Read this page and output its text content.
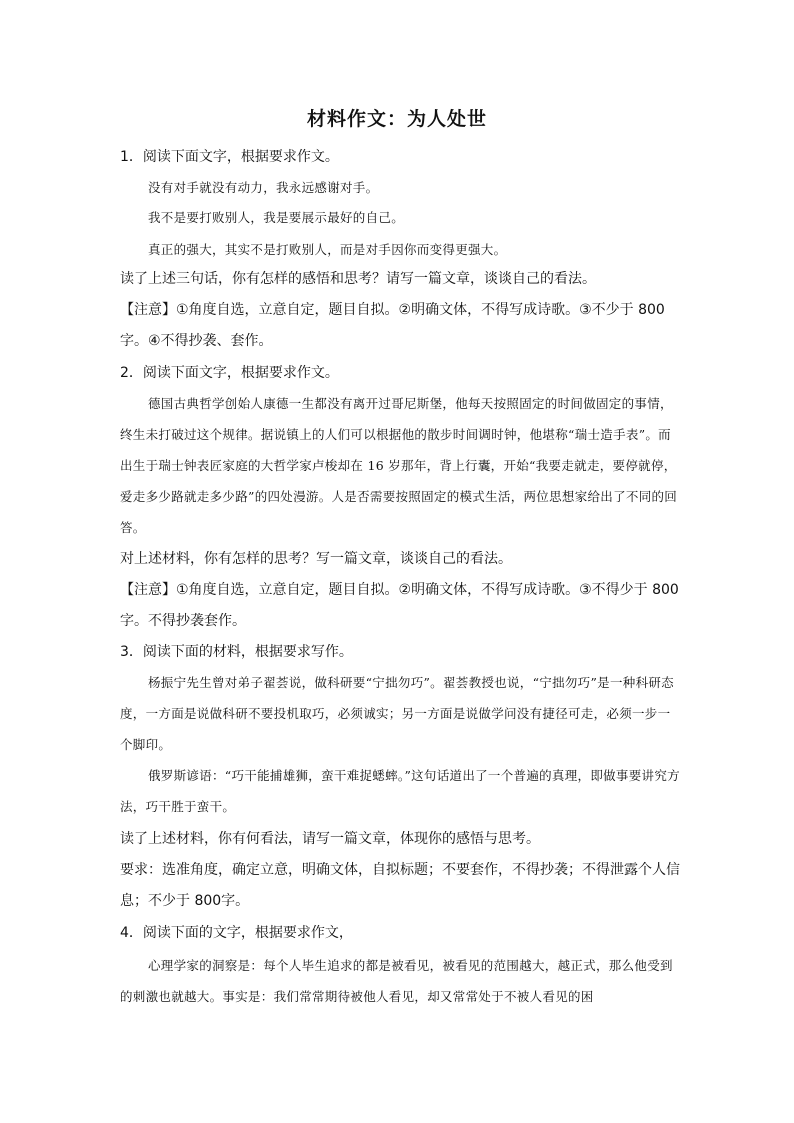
材料作文：为人处世

1．阅读下面文字，根据要求作文。

没有对手就没有动力，我永远感谢对手。

我不是要打败别人，我是要展示最好的自己。

真正的强大，其实不是打败别人，而是对手因你而变得更强大。

读了上述三句话，你有怎样的感悟和思考？请写一篇文章，谈谈自己的看法。

【注意】①角度自选，立意自定，题目自拟。②明确文体，不得写成诗歌。③不少于 800 字。④不得抄袭、套作。

2．阅读下面文字，根据要求作文。

德国古典哲学创始人康德一生都没有离开过哥尼斯堡，他每天按照固定的时间做固定的事情，终生未打破过这个规律。据说镇上的人们可以根据他的散步时间调时钟，他堪称“瑞士造手表”。而出生于瑞士钟表匠家庭的大哲学家卢梭却在 16 岁那年，背上行囊，开始“我要走就走，要停就停，爱走多少路就走多少路”的四处漫游。人是否需要按照固定的模式生活，两位思想家给出了不同的回答。

对上述材料，你有怎样的思考？写一篇文章，谈谈自己的看法。

【注意】①角度自选，立意自定，题目自拟。②明确文体，不得写成诗歌。③不得少于 800 字。不得抄袭套作。

3．阅读下面的材料，根据要求写作。

杨振宁先生曾对弟子翟荟说，做科研要“宁拙勿巧”。翟荟教授也说，“宁拙勿巧”是一种科研态度，一方面是说做科研不要投机取巧，必须诚实；另一方面是说做学问没有捷径可走，必须一步一个脚印。

俄罗斯谚语：“巧干能捕雄狮，蛮干难捉蟋蟀。”这句话道出了一个普遍的真理，即做事要讲究方法，巧干胜于蛮干。

读了上述材料，你有何看法，请写一篇文章，体现你的感悟与思考。

要求：选准角度，确定立意，明确文体，自拟标题；不要套作，不得抄袭；不得泄露个人信息；不少于 800字。

4．阅读下面的文字，根据要求作文，

心理学家的洞察是：每个人毕生追求的都是被看见，被看见的范围越大，越正式，那么他受到的刺激也就越大。事实是：我们常常期待被他人看见，却又常常处于不被人看见的困
